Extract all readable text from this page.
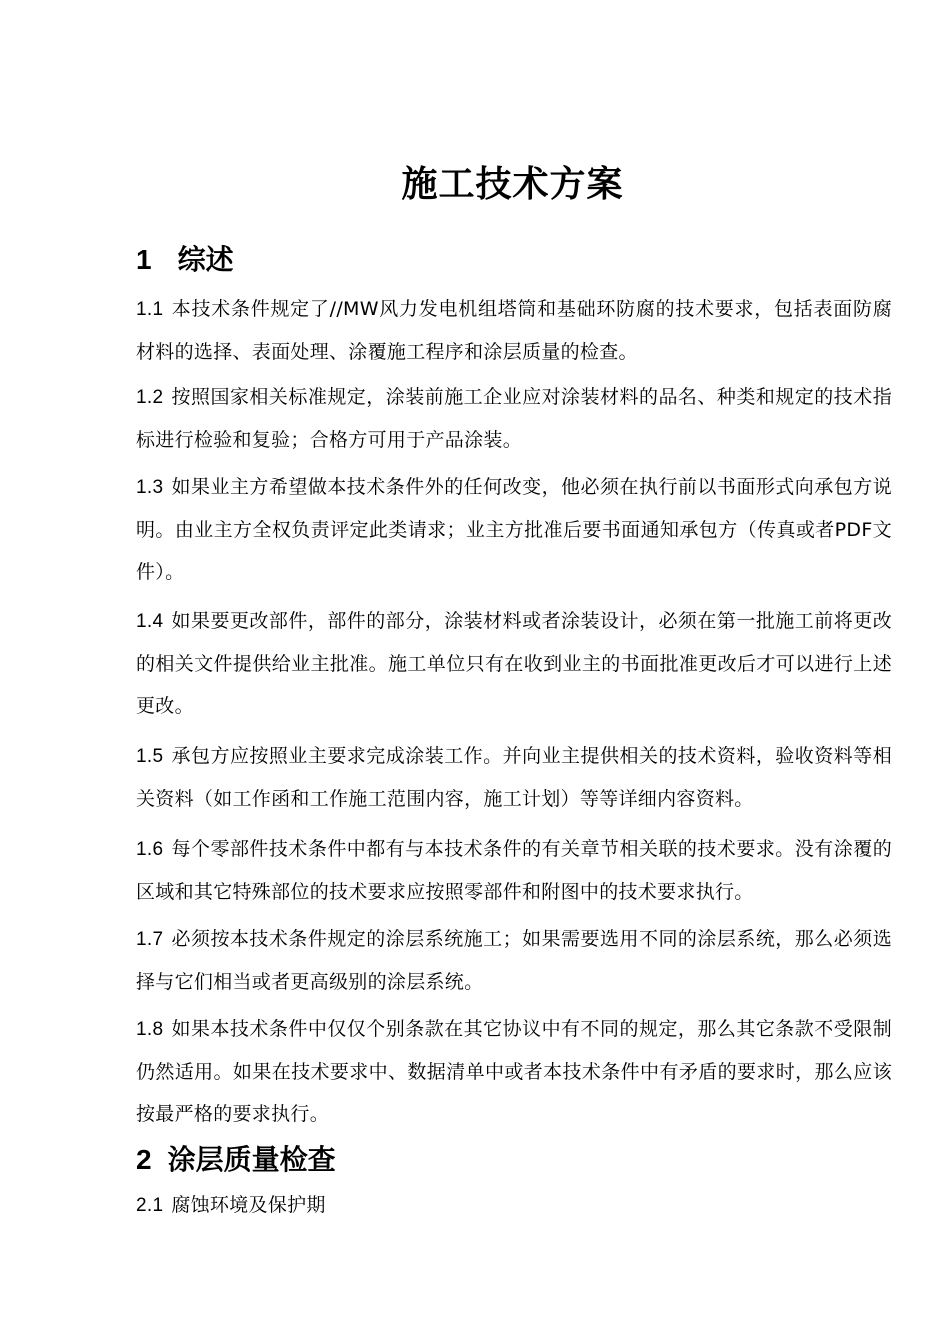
施工技术方案
1 综述
1.1 本技术条件规定了//MW风力发电机组塔筒和基础环防腐的技术要求，包括表面防腐材料的选择、表面处理、涂覆施工程序和涂层质量的检查。
1.2 按照国家相关标准规定，涂装前施工企业应对涂装材料的品名、种类和规定的技术指标进行检验和复验；合格方可用于产品涂装。
1.3 如果业主方希望做本技术条件外的任何改变，他必须在执行前以书面形式向承包方说明。由业主方全权负责评定此类请求；业主方批准后要书面通知承包方（传真或者PDF文件）。
1.4 如果要更改部件，部件的部分，涂装材料或者涂装设计，必须在第一批施工前将更改的相关文件提供给业主批准。施工单位只有在收到业主的书面批准更改后才可以进行上述更改。
1.5 承包方应按照业主要求完成涂装工作。并向业主提供相关的技术资料，验收资料等相关资料（如工作函和工作施工范围内容，施工计划）等等详细内容资料。
1.6 每个零部件技术条件中都有与本技术条件的有关章节相关联的技术要求。没有涂覆的区域和其它特殊部位的技术要求应按照零部件和附图中的技术要求执行。
1.7 必须按本技术条件规定的涂层系统施工；如果需要选用不同的涂层系统，那么必须选择与它们相当或者更高级别的涂层系统。
1.8 如果本技术条件中仅仅个别条款在其它协议中有不同的规定，那么其它条款不受限制仍然适用。如果在技术要求中、数据清单中或者本技术条件中有矛盾的要求时，那么应该按最严格的要求执行。
2 涂层质量检查
2.1 腐蚀环境及保护期
